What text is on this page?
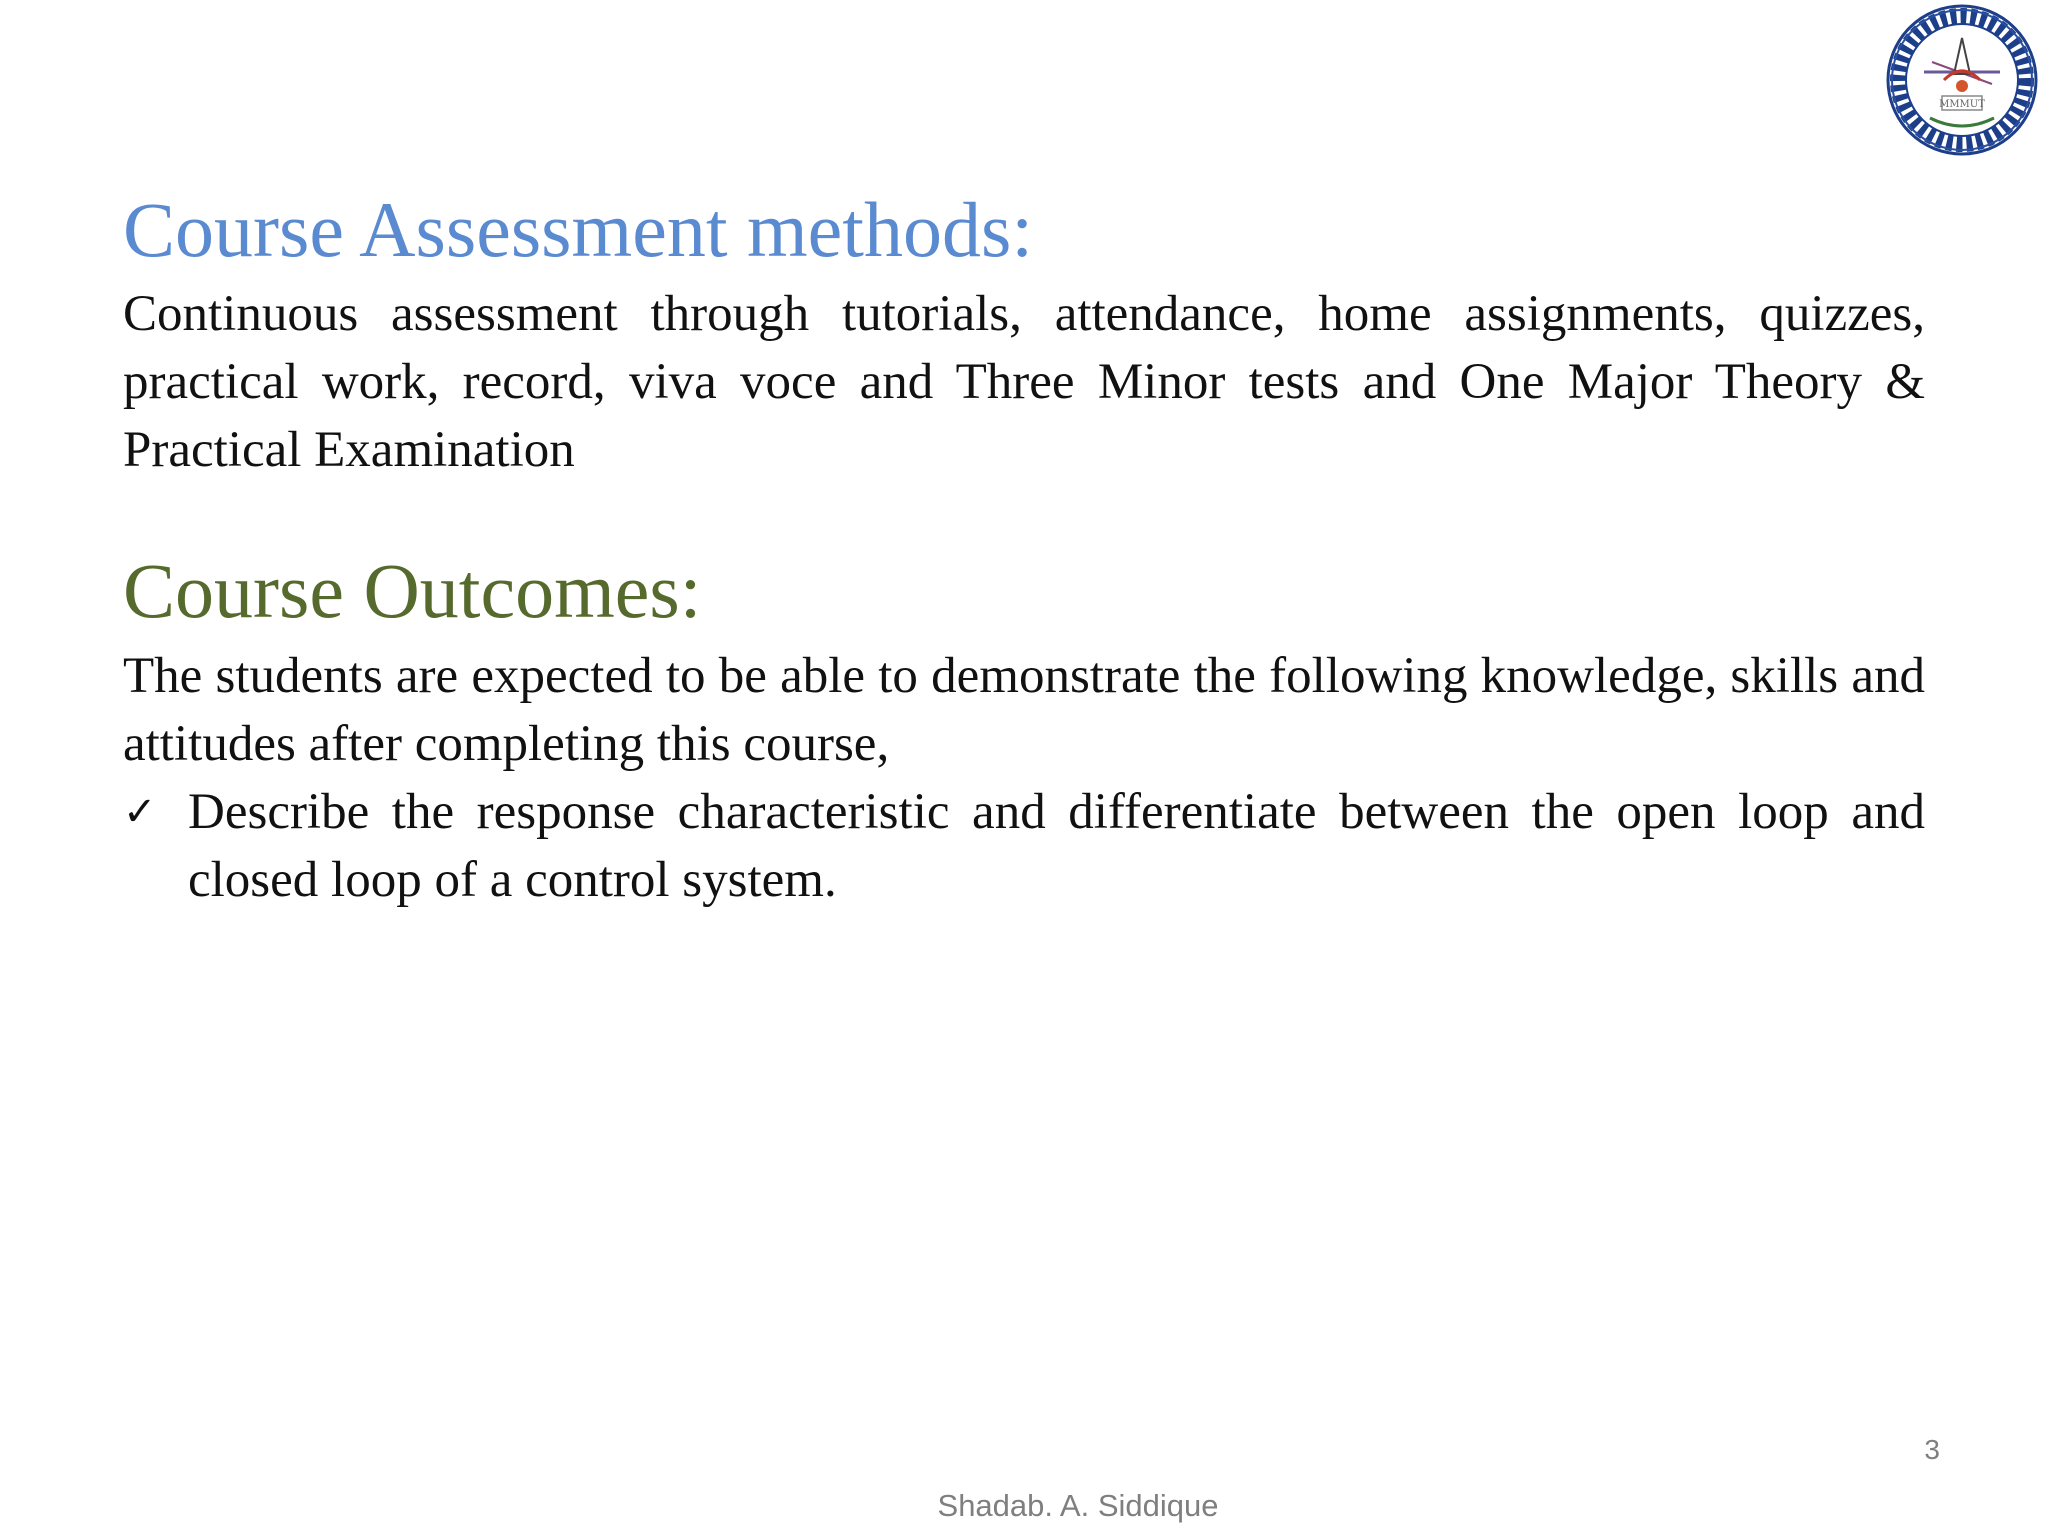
MMMUT
Course Assessment methods:
Continuous assessment through tutorials, attendance, home assignments, quizzes, practical work, record, viva voce and Three Minor tests and One Major Theory & Practical Examination
Course Outcomes:
The students are expected to be able to demonstrate the following knowledge, skills and attitudes after completing this course,
✓ Describe the response characteristic and differentiate between the open loop and closed loop of a control system.
3
Shadab. A. Siddique
